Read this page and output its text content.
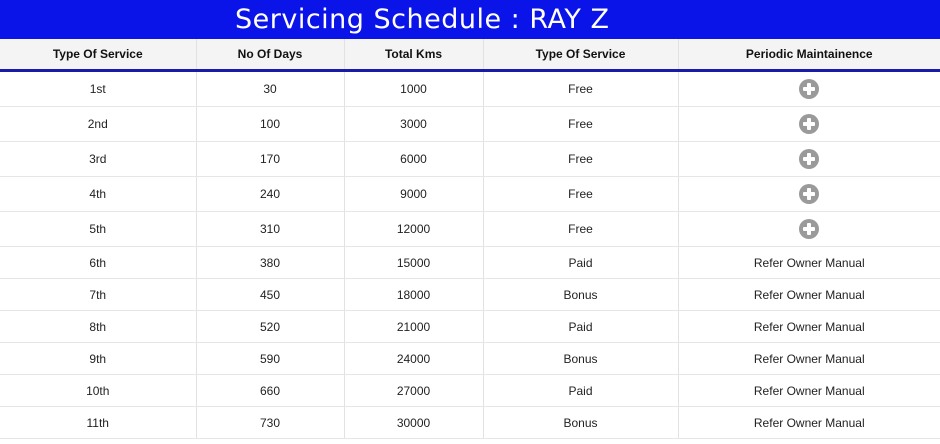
Servicing Schedule : RAY Z
Type Of Service	No Of Days	Total Kms	Type Of Service	Periodic Maintainence
1st	30	1000	Free	
2nd	100	3000	Free	
3rd	170	6000	Free	
4th	240	9000	Free	
5th	310	12000	Free	
6th	380	15000	Paid	Refer Owner Manual
7th	450	18000	Bonus	Refer Owner Manual
8th	520	21000	Paid	Refer Owner Manual
9th	590	24000	Bonus	Refer Owner Manual
10th	660	27000	Paid	Refer Owner Manual
11th	730	30000	Bonus	Refer Owner Manual
